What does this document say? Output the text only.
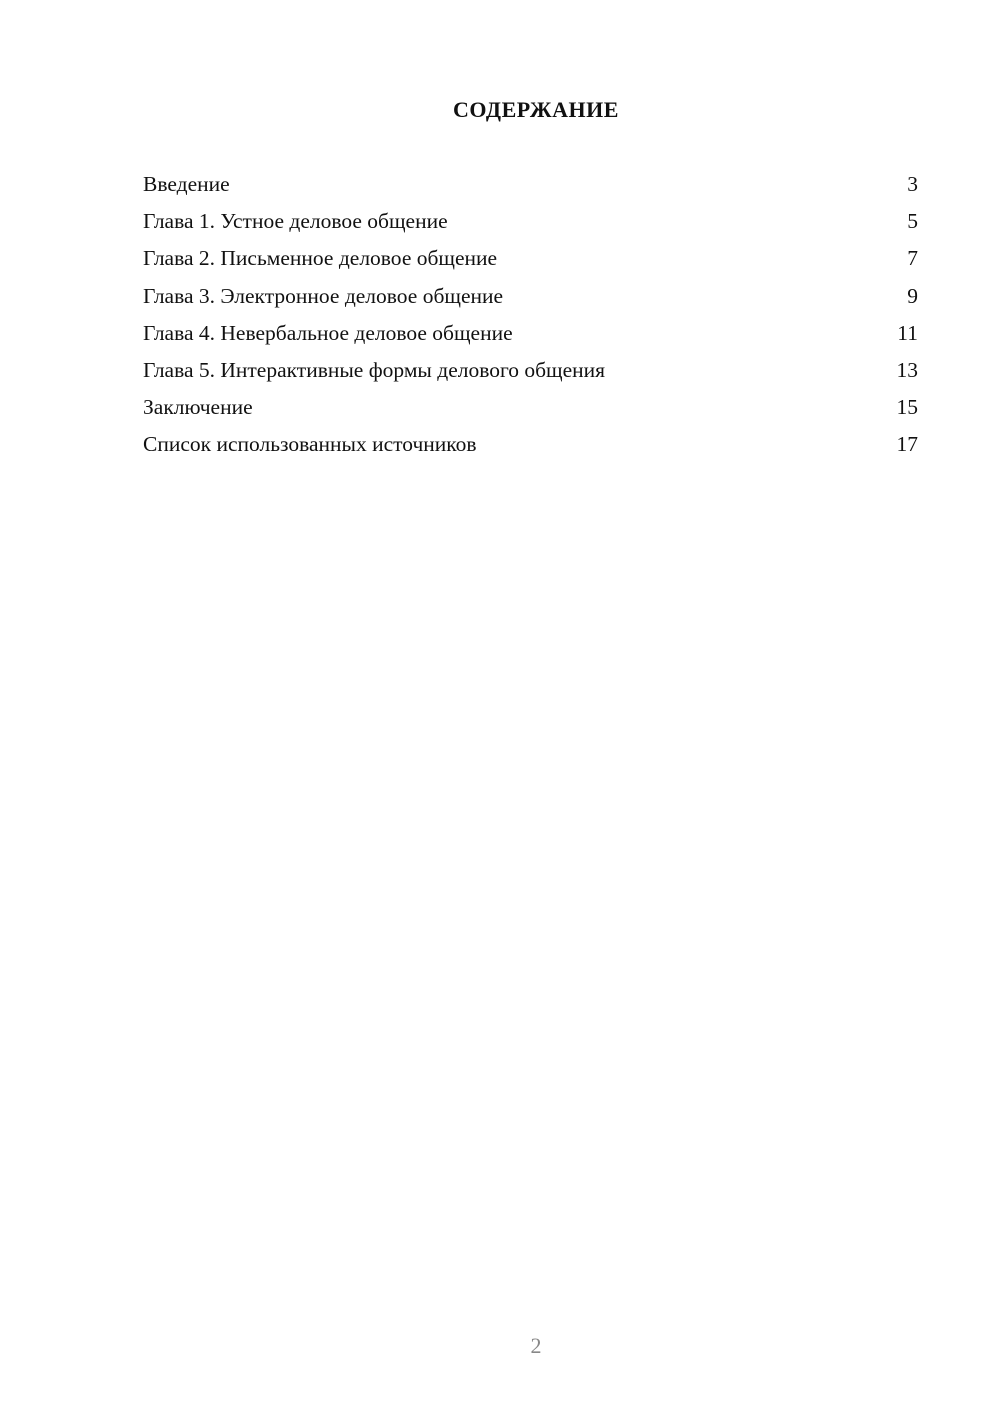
СОДЕРЖАНИЕ
Введение	3
Глава 1. Устное деловое общение	5
Глава 2. Письменное деловое общение	7
Глава 3. Электронное деловое общение	9
Глава 4. Невербальное деловое общение	11
Глава 5. Интерактивные формы делового общения	13
Заключение	15
Список использованных источников	17
2
